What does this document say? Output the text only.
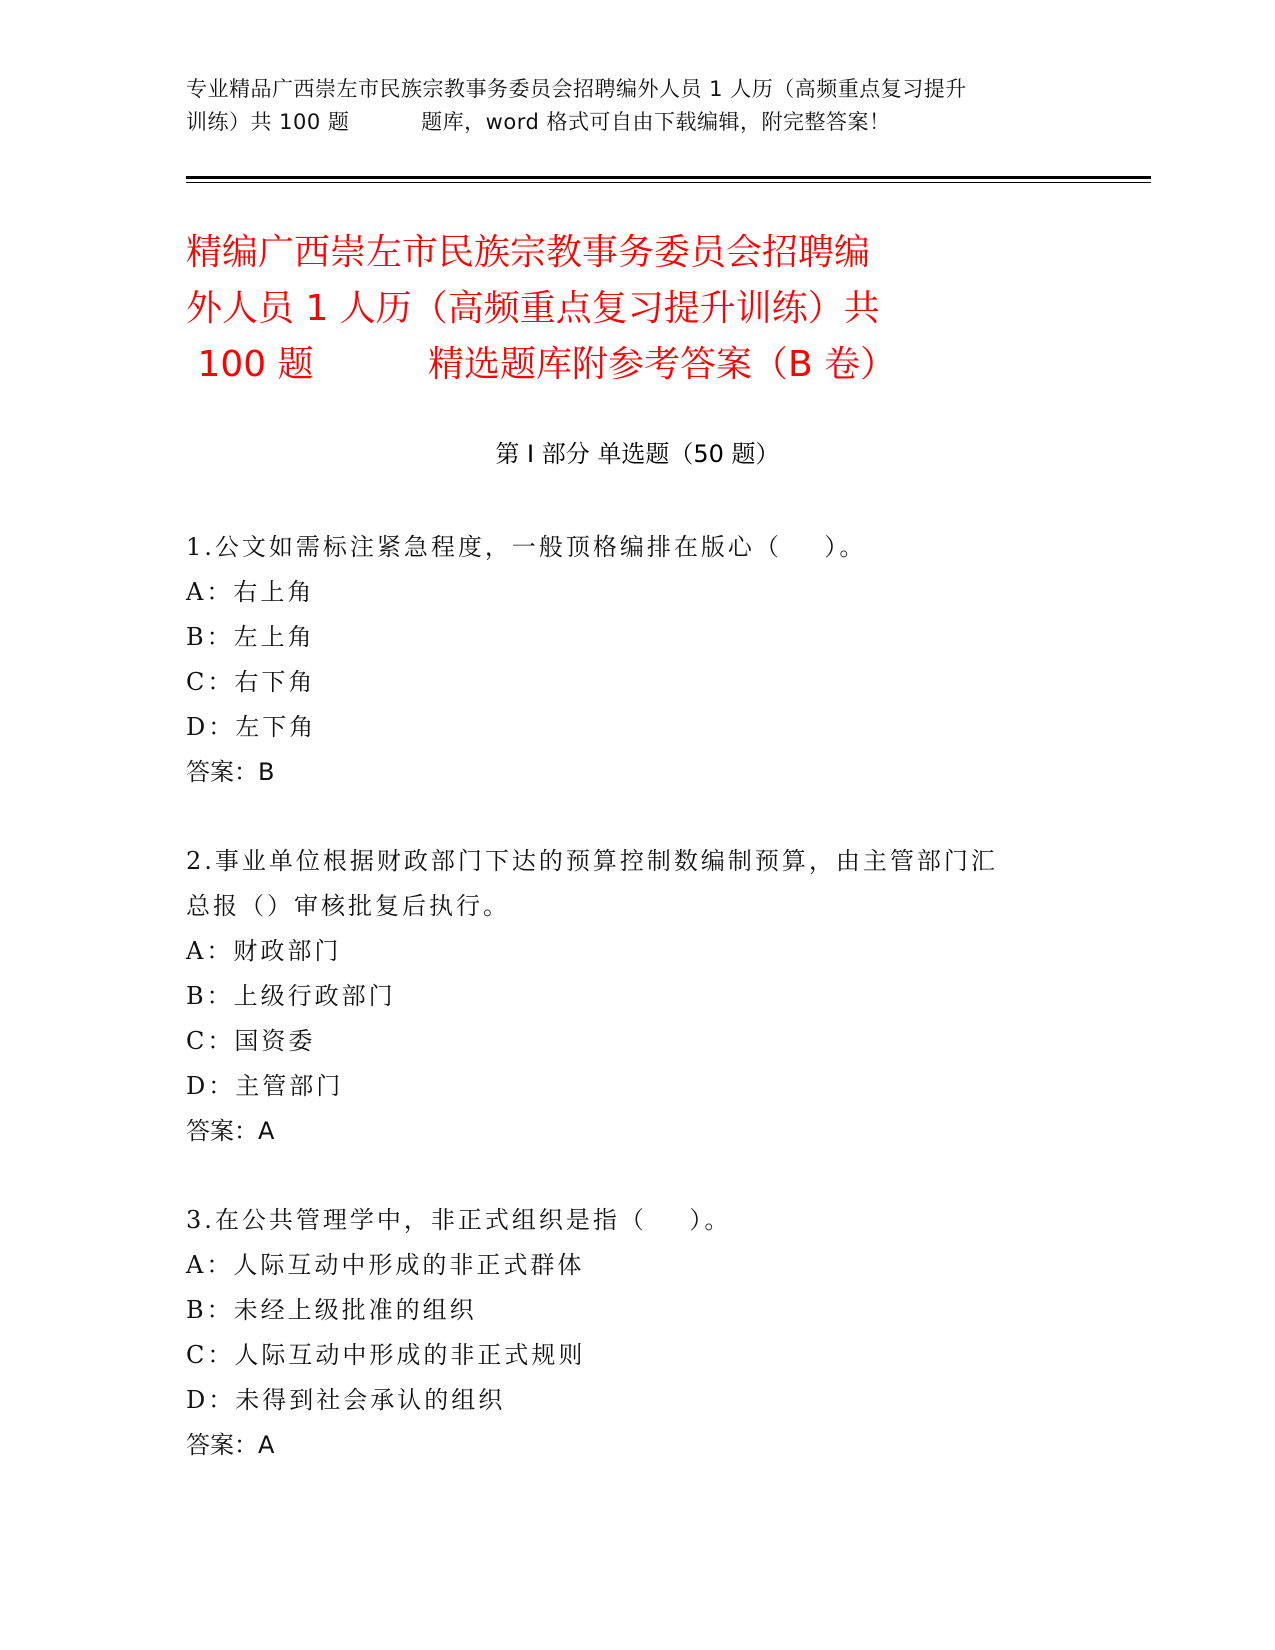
专业精品广西崇左市民族宗教事务委员会招聘编外人员 1 人历（高频重点复习提升
训练）共 100 题          题库，word 格式可自由下载编辑，附完整答案！
精编广西崇左市民族宗教事务委员会招聘编
外人员 1 人历（高频重点复习提升训练）共
100 题          精选题库附参考答案（B 卷）
第 I 部分 单选题（50 题）
1.公文如需标注紧急程度，一般顶格编排在版心（    ）。
A：右上角
B：左上角
C：右下角
D：左下角
答案：B
2.事业单位根据财政部门下达的预算控制数编制预算，由主管部门汇
总报（）审核批复后执行。
A：财政部门
B：上级行政部门
C：国资委
D：主管部门
答案：A
3.在公共管理学中，非正式组织是指（    ）。
A：人际互动中形成的非正式群体
B：未经上级批准的组织
C：人际互动中形成的非正式规则
D：未得到社会承认的组织
答案：A
